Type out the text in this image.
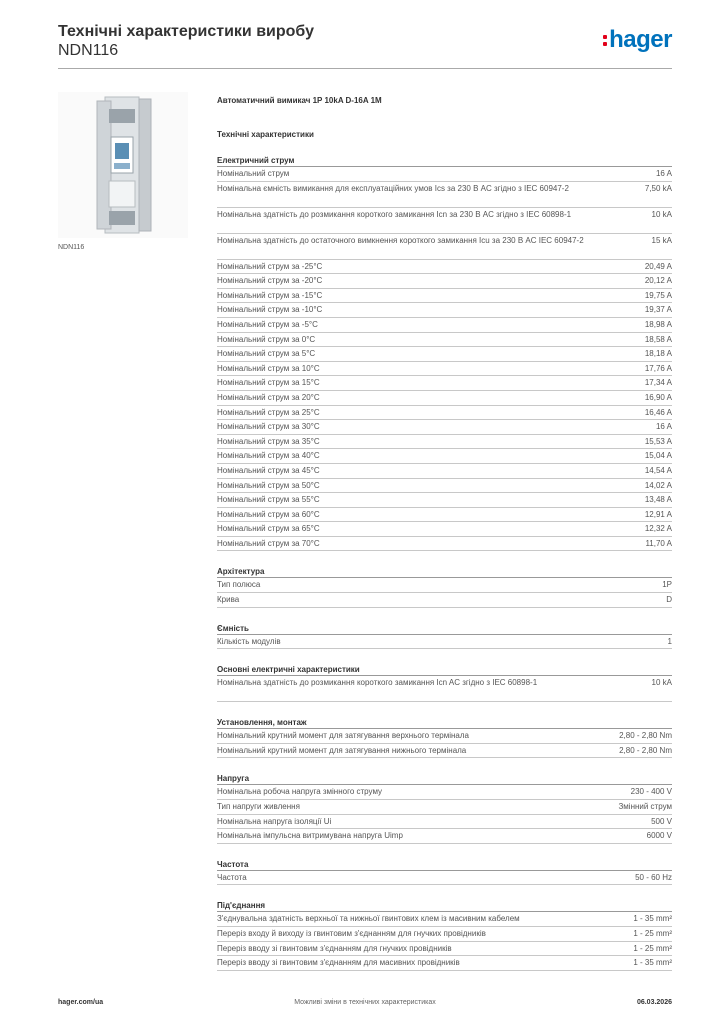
Технічні характеристики виробу
NDN116	hager
NDN116
Автоматичний вимикач 1P 10kA D-16A 1M
Технічні характеристики
Електричний струм
Номінальний струм	16 A
Номінальна ємність вимикання для експлуатаційних умов Ics за 230 В AC згідно з IEC 60947-2	7,50 kA
Номінальна здатність до розмикання короткого замикання Icn за 230 В AC згідно з IEC 60898-1	10 kA
Номінальна здатність до остаточного вимкнення короткого замикання Icu за 230 В AC IEC 60947-2	15 kA
Номінальний струм за -25°C	20,49 A
Номінальний струм за -20°C	20,12 A
Номінальний струм за -15°C	19,75 A
Номінальний струм за -10°C	19,37 A
Номінальний струм за -5°C	18,98 A
Номінальний струм за 0°C	18,58 A
Номінальний струм за 5°C	18,18 A
Номінальний струм за 10°C	17,76 A
Номінальний струм за 15°C	17,34 A
Номінальний струм за 20°C	16,90 A
Номінальний струм за 25°C	16,46 A
Номінальний струм за 30°C	16 A
Номінальний струм за 35°C	15,53 A
Номінальний струм за 40°C	15,04 A
Номінальний струм за 45°C	14,54 A
Номінальний струм за 50°C	14,02 A
Номінальний струм за 55°C	13,48 A
Номінальний струм за 60°C	12,91 A
Номінальний струм за 65°C	12,32 A
Номінальний струм за 70°C	11,70 A
Архітектура
Тип полюса	1P
Крива	D
Ємність
Кількість модулів	1
Основні електричні характеристики
Номінальна здатність до розмикання короткого замикання Icn AC згідно з IEC 60898-1	10 kA
Установлення, монтаж
Номінальний крутний момент для затягування верхнього термінала	2,80 - 2,80 Nm
Номінальний крутний момент для затягування нижнього термінала	2,80 - 2,80 Nm
Напруга
Номінальна робоча напруга змінного струму	230 - 400 V
Тип напруги живлення	Змінний струм
Номінальна напруга ізоляції Ui	500 V
Номінальна імпульсна витримувана напруга Uimp	6000 V
Частота
Частота	50 - 60 Hz
Під'єднання
З'єднувальна здатність верхньої та нижньої гвинтових клем із масивним кабелем	1 - 35 mm²
Переріз входу й виходу із гвинтовим з'єднанням для гнучких провідників	1 - 25 mm²
Переріз вводу зі гвинтовим з'єднанням для гнучких провідників	1 - 25 mm²
Переріз вводу зі гвинтовим з'єднанням для масивних провідників	1 - 35 mm²
Можливі зміни в технічних характеристиках
hager.com/ua	06.03.2026
